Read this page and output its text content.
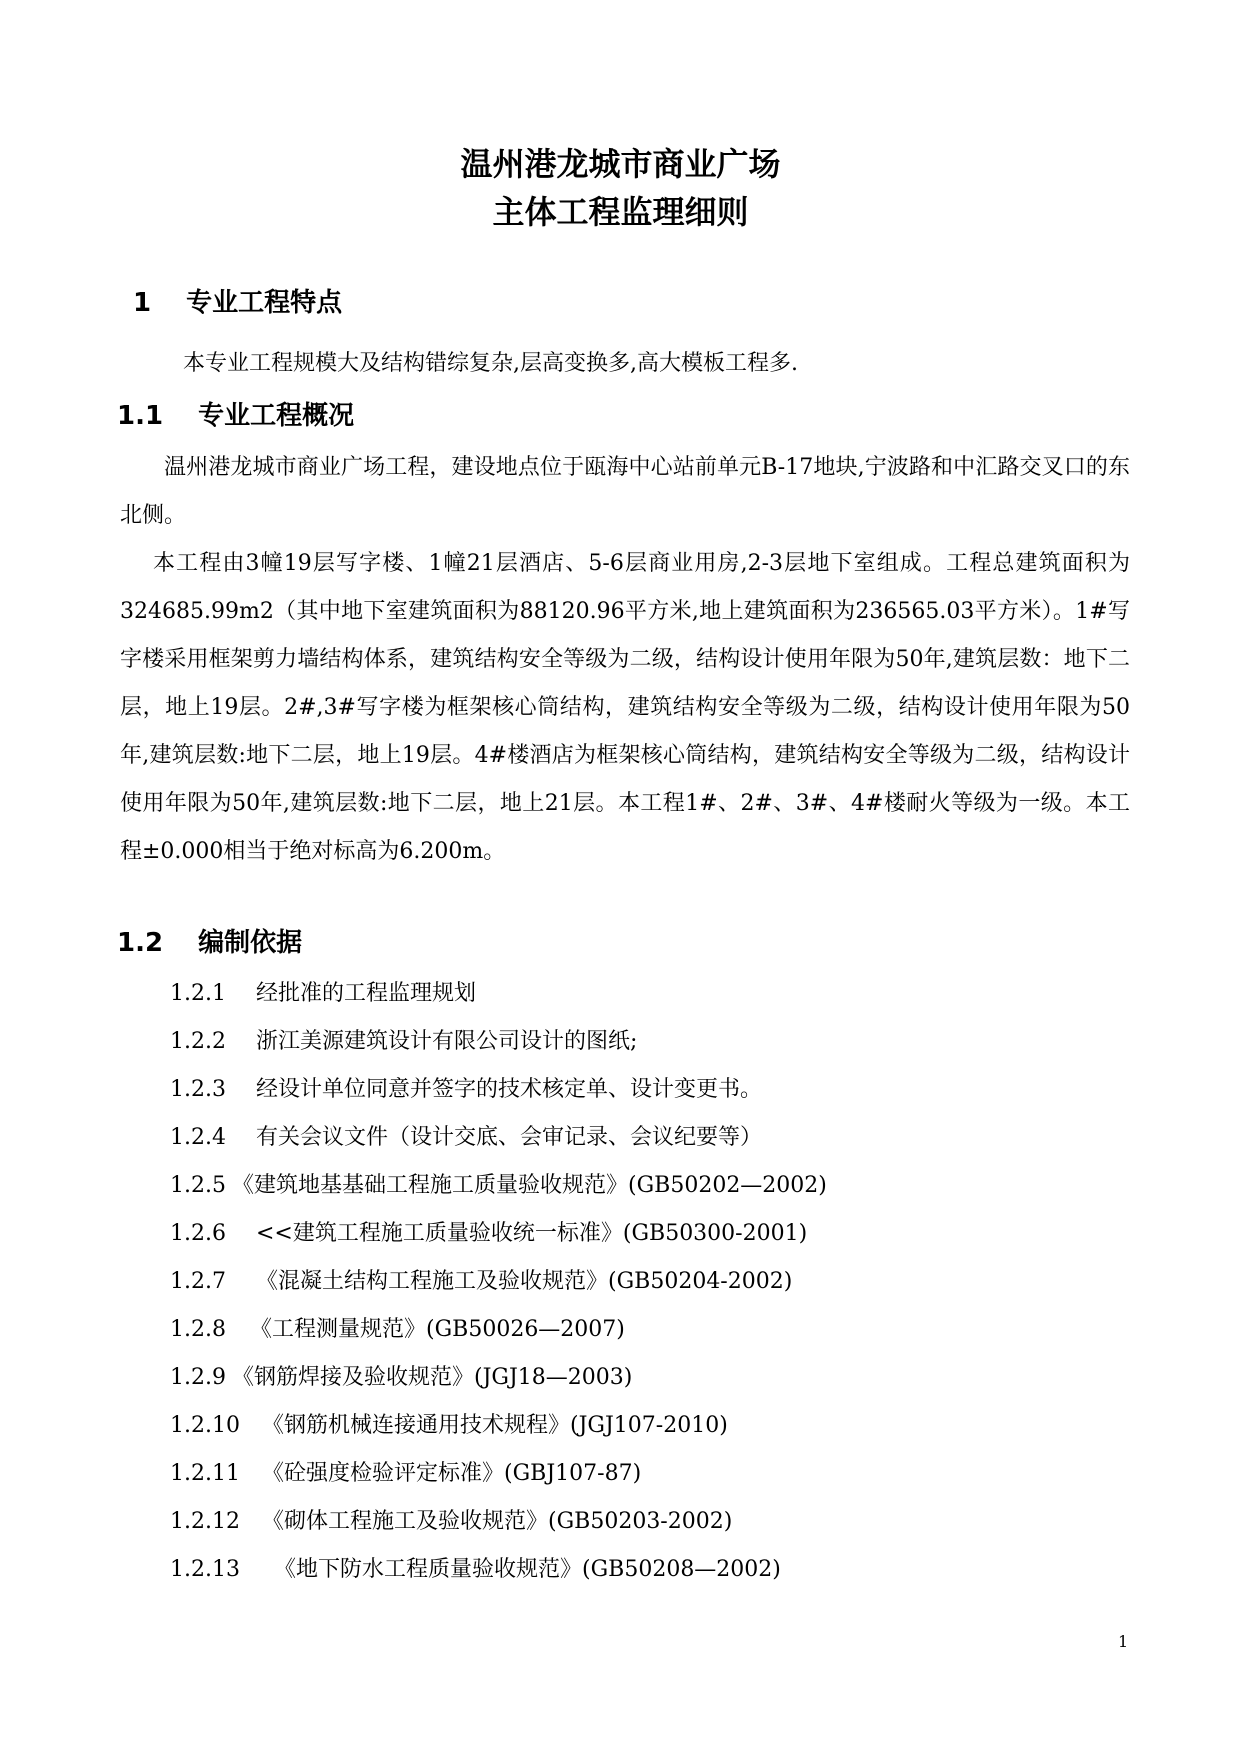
温州港龙城市商业广场
主体工程监理细则
1 专业工程特点
本专业工程规模大及结构错综复杂,层高变换多,高大模板工程多.
1.1 专业工程概况
温州港龙城市商业广场工程，建设地点位于瓯海中心站前单元B-17地块,宁波路和中汇路交叉口的东北侧。
本工程由3幢19层写字楼、1幢21层酒店、5-6层商业用房,2-3层地下室组成。工程总建筑面积为324685.99m2（其中地下室建筑面积为88120.96平方米,地上建筑面积为236565.03平方米）。1#写字楼采用框架剪力墙结构体系，建筑结构安全等级为二级，结构设计使用年限为50年,建筑层数：地下二层，地上19层。2#,3#写字楼为框架核心筒结构，建筑结构安全等级为二级，结构设计使用年限为50年,建筑层数:地下二层，地上19层。4#楼酒店为框架核心筒结构，建筑结构安全等级为二级，结构设计使用年限为50年,建筑层数:地下二层，地上21层。本工程1#、2#、3#、4#楼耐火等级为一级。本工程±0.000相当于绝对标高为6.200m。
1.2 编制依据
1.2.1 经批准的工程监理规划
1.2.2 浙江美源建筑设计有限公司设计的图纸;
1.2.3 经设计单位同意并签字的技术核定单、设计变更书。
1.2.4 有关会议文件（设计交底、会审记录、会议纪要等）
1.2.5 《建筑地基基础工程施工质量验收规范》(GB50202—2002)
1.2.6 <<建筑工程施工质量验收统一标准》(GB50300-2001)
1.2.7 《混凝土结构工程施工及验收规范》(GB50204-2002)
1.2.8 《工程测量规范》(GB50026—2007)
1.2.9 《钢筋焊接及验收规范》(JGJ18—2003)
1.2.10 《钢筋机械连接通用技术规程》(JGJ107-2010)
1.2.11 《砼强度检验评定标准》(GBJ107-87)
1.2.12 《砌体工程施工及验收规范》(GB50203-2002)
1.2.13 《地下防水工程质量验收规范》(GB50208—2002)
1
